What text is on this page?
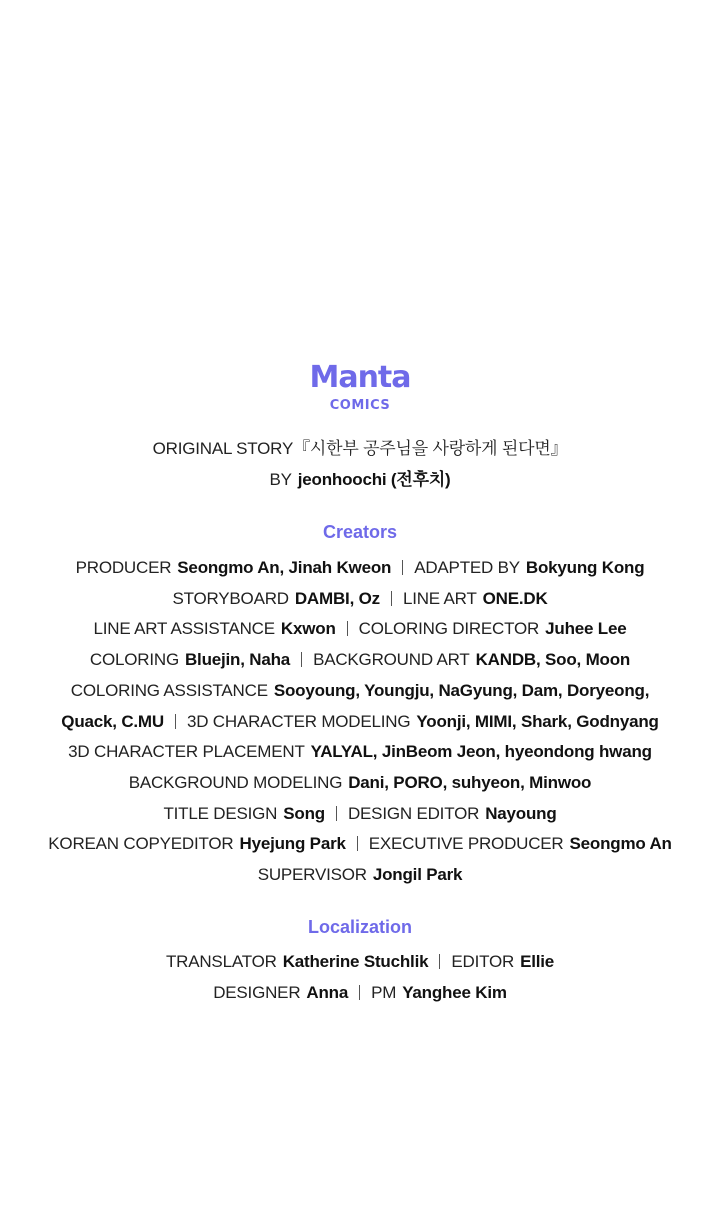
Manta
COMICS
ORIGINAL STORY『시한부 공주님을 사랑하게 된다면』
BY jeonhoochi (전후치)
Creators
PRODUCER Seongmo An, Jinah Kweon ADAPTED BY Bokyung Kong
STORYBOARD DAMBI, Oz LINE ART ONE.DK
LINE ART ASSISTANCE Kxwon COLORING DIRECTOR Juhee Lee
COLORING Bluejin, Naha BACKGROUND ART KANDB, Soo, Moon
COLORING ASSISTANCE Sooyoung, Youngju, NaGyung, Dam, Doryeong,
Quack, C.MU 3D CHARACTER MODELING Yoonji, MIMI, Shark, Godnyang
3D CHARACTER PLACEMENT YALYAL, JinBeom Jeon, hyeondong hwang
BACKGROUND MODELING Dani, PORO, suhyeon, Minwoo
TITLE DESIGN Song DESIGN EDITOR Nayoung
KOREAN COPYEDITOR Hyejung Park EXECUTIVE PRODUCER Seongmo An
SUPERVISOR Jongil Park
Localization
TRANSLATOR Katherine Stuchlik EDITOR Ellie
DESIGNER Anna PM Yanghee Kim
